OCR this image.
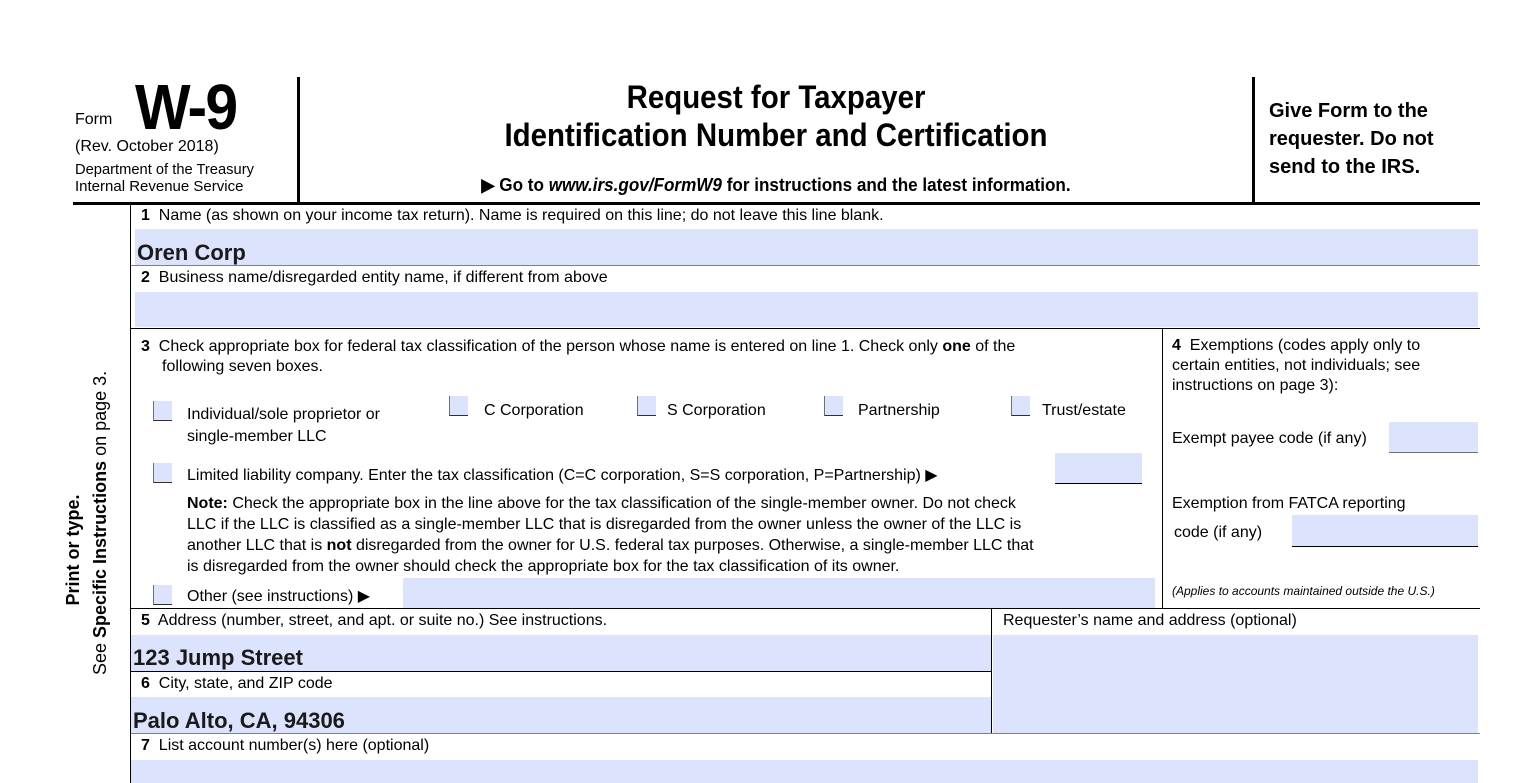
Form W-9
(Rev. October 2018)
Department of the Treasury
Internal Revenue Service
Request for Taxpayer
Identification Number and Certification
▶ Go to www.irs.gov/FormW9 for instructions and the latest information.
Give Form to the
requester. Do not
send to the IRS.
Print or type.
See Specific Instructions on page 3.
1 Name (as shown on your income tax return). Name is required on this line; do not leave this line blank.
Oren Corp
2 Business name/disregarded entity name, if different from above
3 Check appropriate box for federal tax classification of the person whose name is entered on line 1. Check only one of the
following seven boxes.
Individual/sole proprietor or
single-member LLC
C Corporation	S Corporation	Partnership	Trust/estate
Limited liability company. Enter the tax classification (C=C corporation, S=S corporation, P=Partnership) ▶
Note: Check the appropriate box in the line above for the tax classification of the single-member owner. Do not check
LLC if the LLC is classified as a single-member LLC that is disregarded from the owner unless the owner of the LLC is
another LLC that is not disregarded from the owner for U.S. federal tax purposes. Otherwise, a single-member LLC that
is disregarded from the owner should check the appropriate box for the tax classification of its owner.
Other (see instructions) ▶
4 Exemptions (codes apply only to
certain entities, not individuals; see
instructions on page 3):
Exempt payee code (if any)
Exemption from FATCA reporting
code (if any)
(Applies to accounts maintained outside the U.S.)
5 Address (number, street, and apt. or suite no.) See instructions.
123 Jump Street
Requester’s name and address (optional)
6 City, state, and ZIP code
Palo Alto, CA, 94306
7 List account number(s) here (optional)
